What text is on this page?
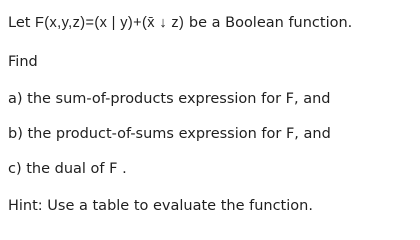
Let F(x,y,z)=(x | y)+(x̄ ↓ z) be a Boolean function.
Find
a) the sum-of-products expression for F, and
b) the product-of-sums expression for F, and
c) the dual of F .
Hint: Use a table to evaluate the function.
